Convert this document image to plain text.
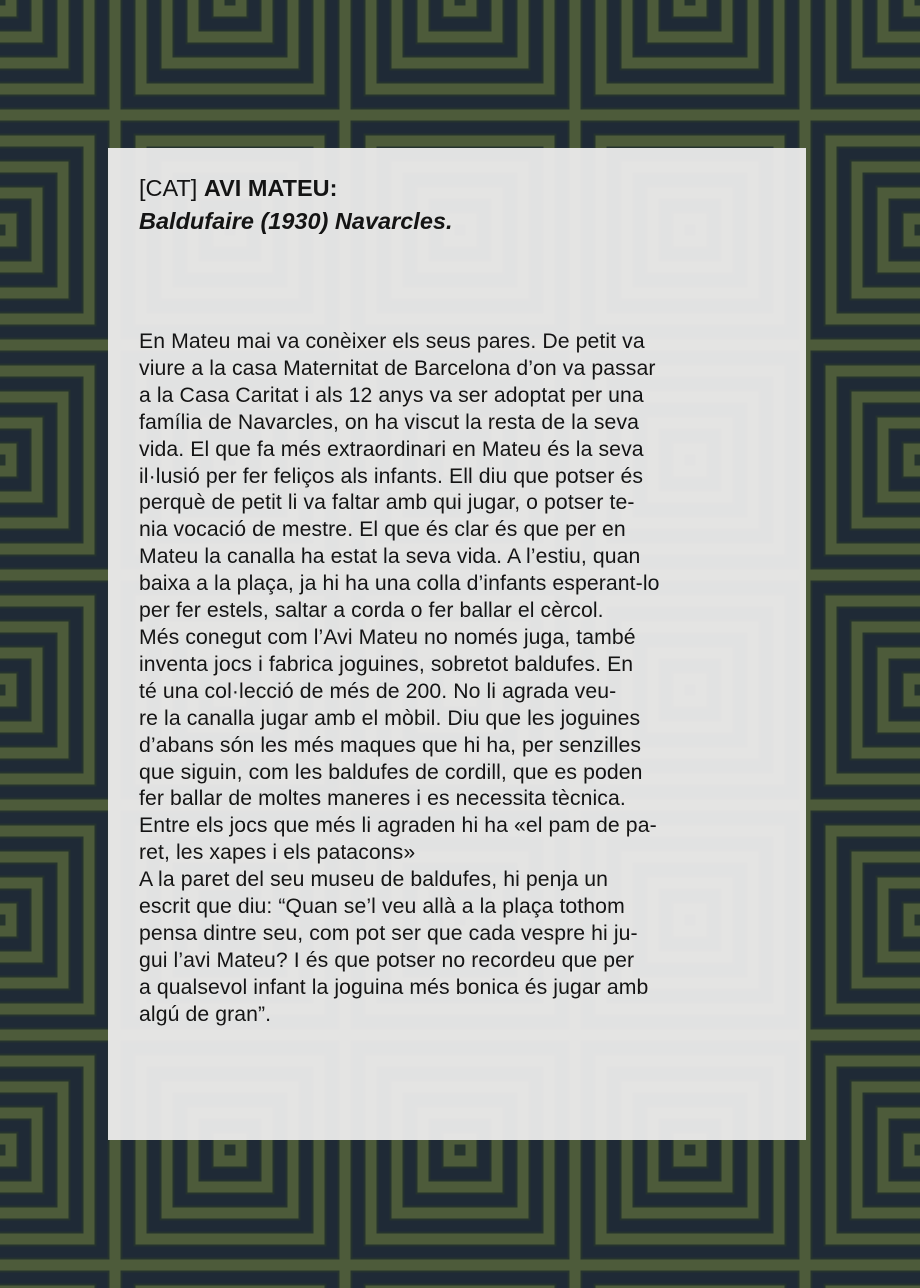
[CAT] AVI MATEU:

Baldufaire (1930) Navarcles.

En Mateu mai va conèixer els seus pares. De petit va
viure a la casa Maternitat de Barcelona d’on va passar
a la Casa Caritat i als 12 anys va ser adoptat per una
família de Navarcles, on ha viscut la resta de la seva
vida. El que fa més extraordinari en Mateu és la seva
il·lusió per fer feliços als infants. Ell diu que potser és
perquè de petit li va faltar amb qui jugar, o potser te-
nia vocació de mestre. El que és clar és que per en
Mateu la canalla ha estat la seva vida. A l’estiu, quan
baixa a la plaça, ja hi ha una colla d’infants esperant-lo
per fer estels, saltar a corda o fer ballar el cèrcol.
Més conegut com l’Avi Mateu no només juga, també
inventa jocs i fabrica joguines, sobretot baldufes. En
té una col·lecció de més de 200. No li agrada veu-
re la canalla jugar amb el mòbil. Diu que les joguines
d’abans són les més maques que hi ha, per senzilles
que siguin, com les baldufes de cordill, que es poden
fer ballar de moltes maneres i es necessita tècnica.
Entre els jocs que més li agraden hi ha «el pam de pa-
ret, les xapes i els patacons»
A la paret del seu museu de baldufes, hi penja un
escrit que diu: “Quan se’l veu allà a la plaça tothom
pensa dintre seu, com pot ser que cada vespre hi ju-
gui l’avi Mateu? I és que potser no recordeu que per
a qualsevol infant la joguina més bonica és jugar amb
algú de gran”.
